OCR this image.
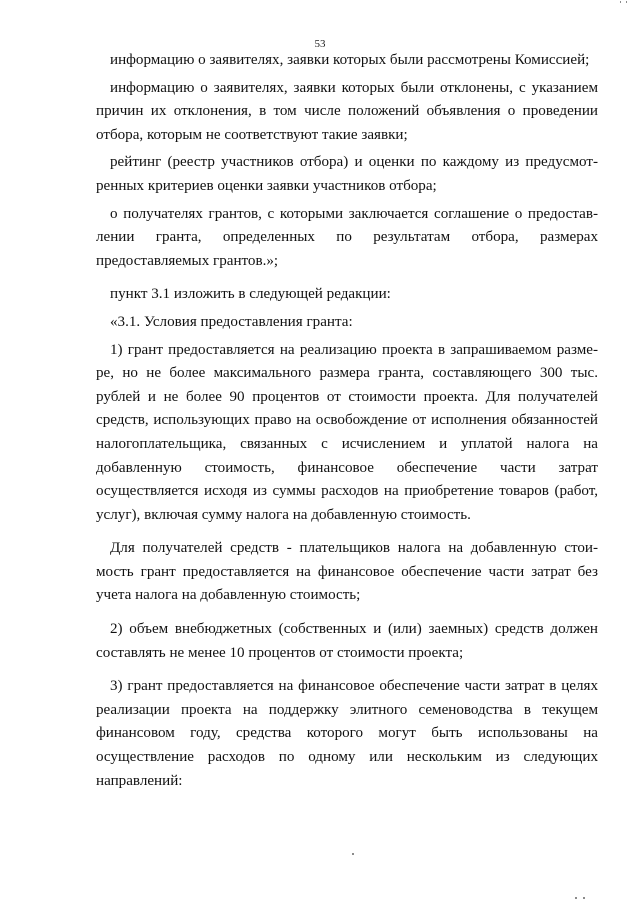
53

информацию о заявителях, заявки которых были рассмотрены Комиссией;

информацию о заявителях, заявки которых были отклонены, с указанием причин их отклонения, в том числе положений объявления о проведении отбора, которым не соответствуют такие заявки;

рейтинг (реестр участников отбора) и оценки по каждому из предусмотренных критериев оценки заявки участников отбора;

о получателях грантов, с которыми заключается соглашение о предоставлении гранта, определенных по результатам отбора, размерах предоставляемых грантов.»;

пункт 3.1 изложить в следующей редакции:

«3.1. Условия предоставления гранта:

1) грант предоставляется на реализацию проекта в запрашиваемом размере, но не более максимального размера гранта, составляющего 300 тыс. рублей и не более 90 процентов от стоимости проекта. Для получателей средств, использующих право на освобождение от исполнения обязанностей налогоплательщика, связанных с исчислением и уплатой налога на добавленную стоимость, финансовое обеспечение части затрат осуществляется исходя из суммы расходов на приобретение товаров (работ, услуг), включая сумму налога на добавленную стоимость.

Для получателей средств - плательщиков налога на добавленную стоимость грант предоставляется на финансовое обеспечение части затрат без учета налога на добавленную стоимость;

2) объем внебюджетных (собственных и (или) заемных) средств должен составлять не менее 10 процентов от стоимости проекта;

3) грант предоставляется на финансовое обеспечение части затрат в целях реализации проекта на поддержку элитного семеноводства в текущем финансовом году, средства которого могут быть использованы на осуществление расходов по одному или нескольким из следующих направлений:
